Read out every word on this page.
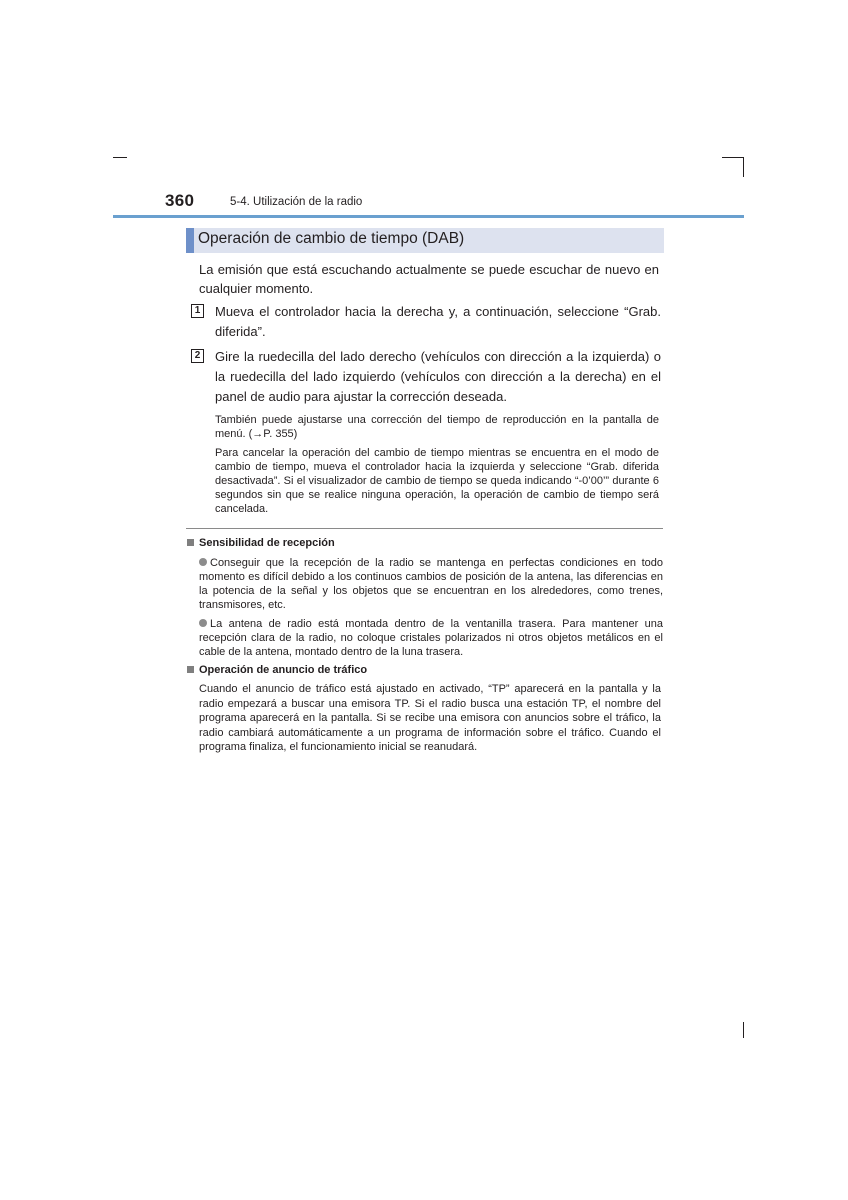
360	5-4. Utilización de la radio
Operación de cambio de tiempo (DAB)
La emisión que está escuchando actualmente se puede escuchar de nuevo en cualquier momento.
1 Mueva el controlador hacia la derecha y, a continuación, seleccione “Grab. diferida”.
2 Gire la ruedecilla del lado derecho (vehículos con dirección a la izquierda) o la ruedecilla del lado izquierdo (vehículos con dirección a la derecha) en el panel de audio para ajustar la corrección deseada.
También puede ajustarse una corrección del tiempo de reproducción en la pantalla de menú. (→P. 355)
Para cancelar la operación del cambio de tiempo mientras se encuentra en el modo de cambio de tiempo, mueva el controlador hacia la izquierda y seleccione “Grab. diferida desactivada”. Si el visualizador de cambio de tiempo se queda indicando “-0’00’” durante 6 segundos sin que se realice ninguna operación, la operación de cambio de tiempo será cancelada.
Sensibilidad de recepción
Conseguir que la recepción de la radio se mantenga en perfectas condiciones en todo momento es difícil debido a los continuos cambios de posición de la antena, las diferencias en la potencia de la señal y los objetos que se encuentran en los alrededores, como trenes, transmisores, etc.
La antena de radio está montada dentro de la ventanilla trasera. Para mantener una recepción clara de la radio, no coloque cristales polarizados ni otros objetos metálicos en el cable de la antena, montado dentro de la luna trasera.
Operación de anuncio de tráfico
Cuando el anuncio de tráfico está ajustado en activado, “TP” aparecerá en la pantalla y la radio empezará a buscar una emisora TP. Si el radio busca una estación TP, el nombre del programa aparecerá en la pantalla. Si se recibe una emisora con anuncios sobre el tráfico, la radio cambiará automáticamente a un programa de información sobre el tráfico. Cuando el programa finaliza, el funcionamiento inicial se reanudará.
